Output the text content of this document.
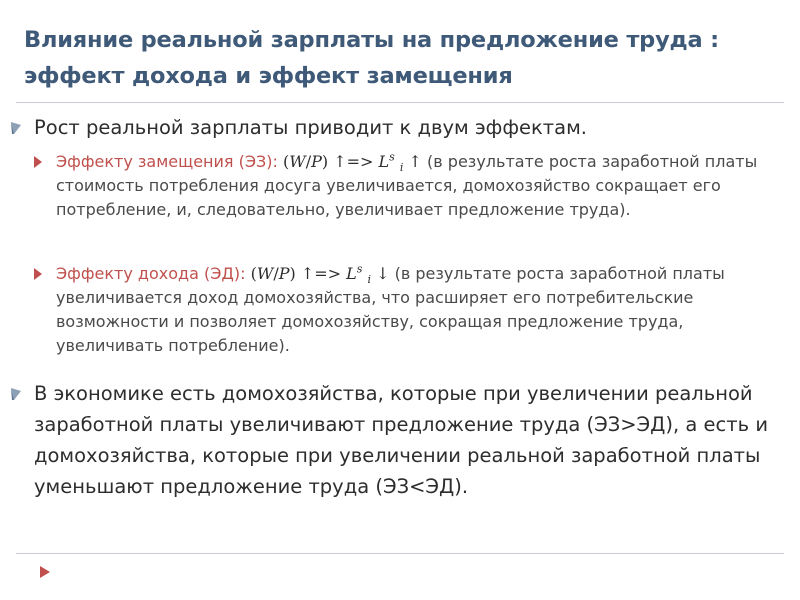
Влияние реальной зарплаты на предложение труда :
эффект дохода и эффект замещения
Рост реальной зарплаты приводит к двум эффектам.
Эффекту замещения (ЭЗ): (W/P) ↑=> $L^s$ $_i$ ↑ (в результате роста заработной платы стоимость потребления досуга увеличивается, домохозяйство сокращает его потребление, и, следовательно, увеличивает предложение труда).
Эффекту дохода (ЭД): (W/P) ↑=> $L^s$ $_i$ ↓ (в результате роста заработной платы увеличивается доход домохозяйства, что расширяет его потребительские возможности и позволяет домохозяйству, сокращая предложение труда, увеличивать потребление).
В экономике есть домохозяйства, которые при увеличении реальной заработной платы увеличивают предложение труда (ЭЗ>ЭД), а есть и домохозяйства, которые при увеличении реальной заработной платы уменьшают предложение труда (ЭЗ<ЭД).
